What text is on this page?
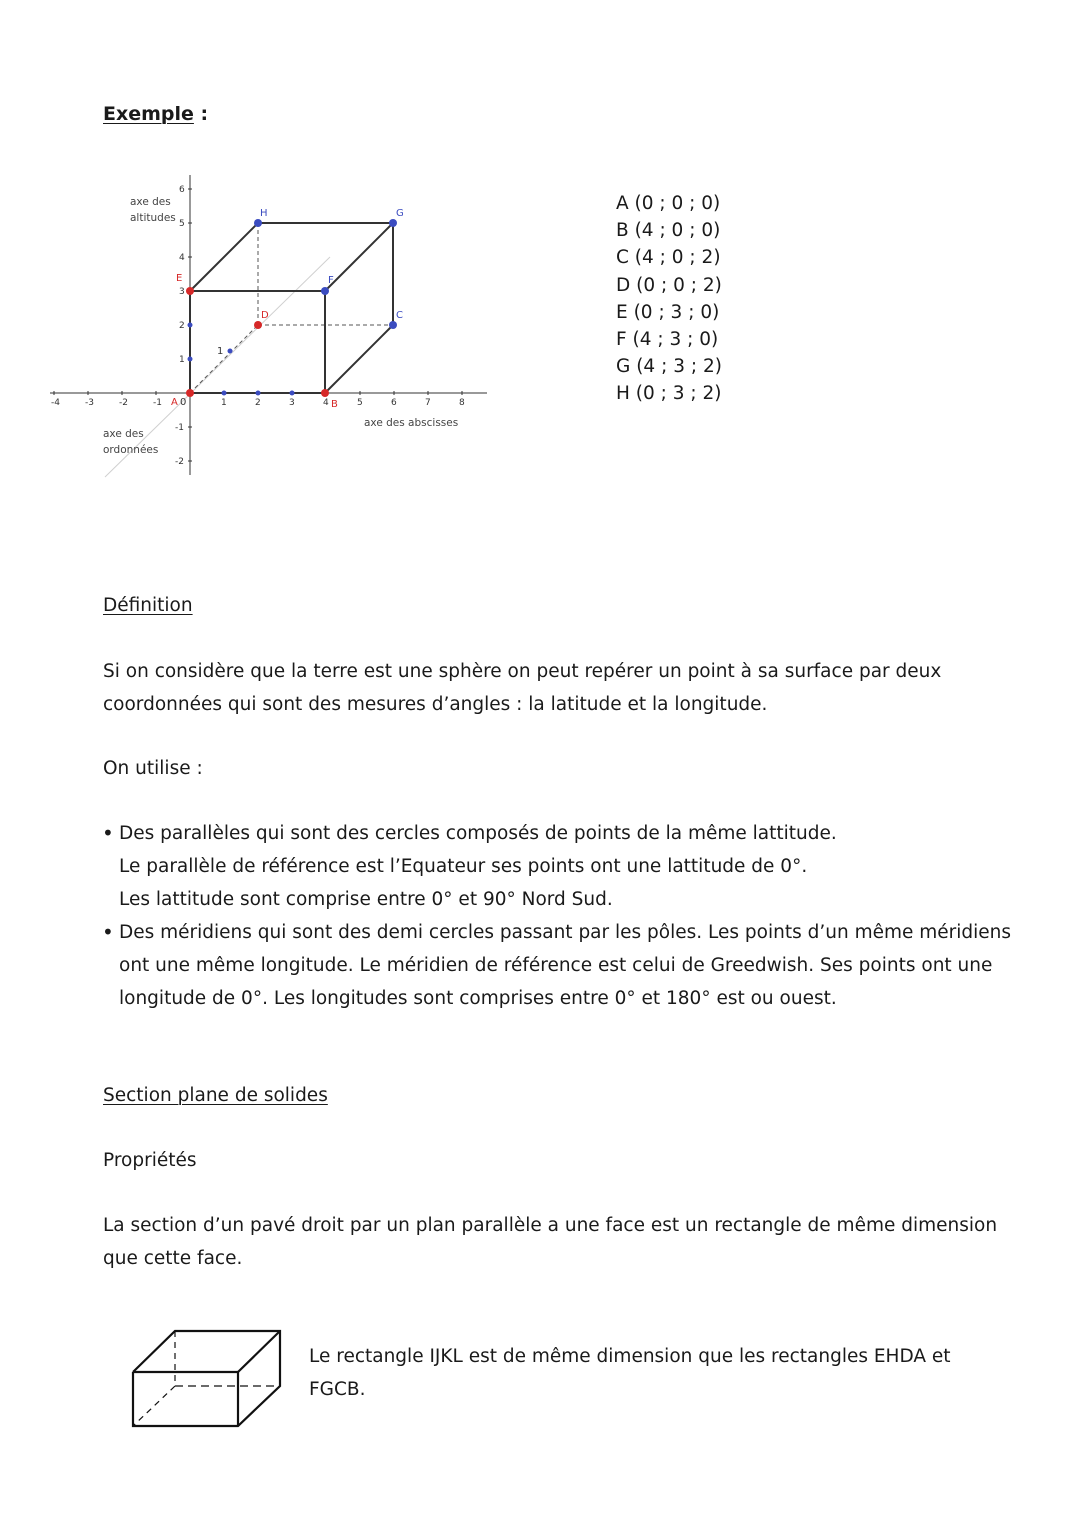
Exemple :
-4	-3	-2	-1	1	2	3	4	5	6	7	8
6
5
4
3
2
1
-1
-2
1
A 0	B
C
D
E	F
G
H
axe des
altitudes
axe des
ordonnées
axe des abscisses
A (0 ; 0 ; 0)
B (4 ; 0 ; 0)
C (4 ; 0 ; 2)
D (0 ; 0 ; 2)
E (0 ; 3 ; 0)
F (4 ; 3 ; 0)
G (4 ; 3 ; 2)
H (0 ; 3 ; 2)
Définition
Si on considère que la terre est une sphère on peut repérer un point à sa surface par deux
coordonnées qui sont des mesures d’angles : la latitude et la longitude.
On utilise :
• Des parallèles qui sont des cercles composés de points de la même lattitude.
Le parallèle de référence est l’Equateur ses points ont une lattitude de 0°.
Les lattitude sont comprise entre 0° et 90° Nord Sud.
• Des méridiens qui sont des demi cercles passant par les pôles. Les points d’un même méridiens
ont une même longitude. Le méridien de référence est celui de Greedwish. Ses points ont une
longitude de 0°. Les longitudes sont comprises entre 0° et 180° est ou ouest.
Section plane de solides
Propriétés
La section d’un pavé droit par un plan parallèle a une face est un rectangle de même dimension
que cette face.
Le rectangle IJKL est de même dimension que les rectangles EHDA et
FGCB.
